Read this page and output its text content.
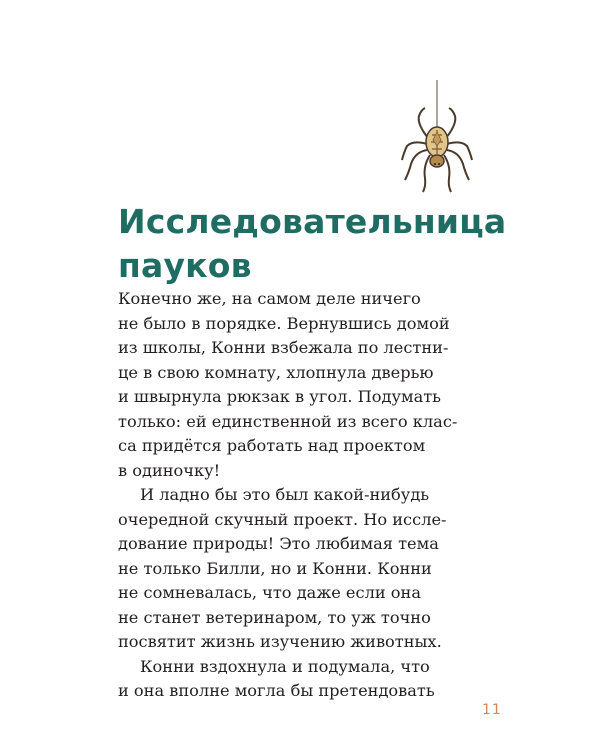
Исследовательница
пауков
Конечно же, на самом деле ничего
не было в порядке. Вернувшись домой
из школы, Конни взбежала по лестни-
це в свою комнату, хлопнула дверью
и швырнула рюкзак в угол. Подумать
только: ей единственной из всего клас-
са придётся работать над проектом
в одиночку!
И ладно бы это был какой-нибудь
очередной скучный проект. Но иссле-
дование природы! Это любимая тема
не только Билли, но и Конни. Конни
не сомневалась, что даже если она
не станет ветеринаром, то уж точно
посвятит жизнь изучению животных.
Конни вздохнула и подумала, что
и она вполне могла бы претендовать
11
